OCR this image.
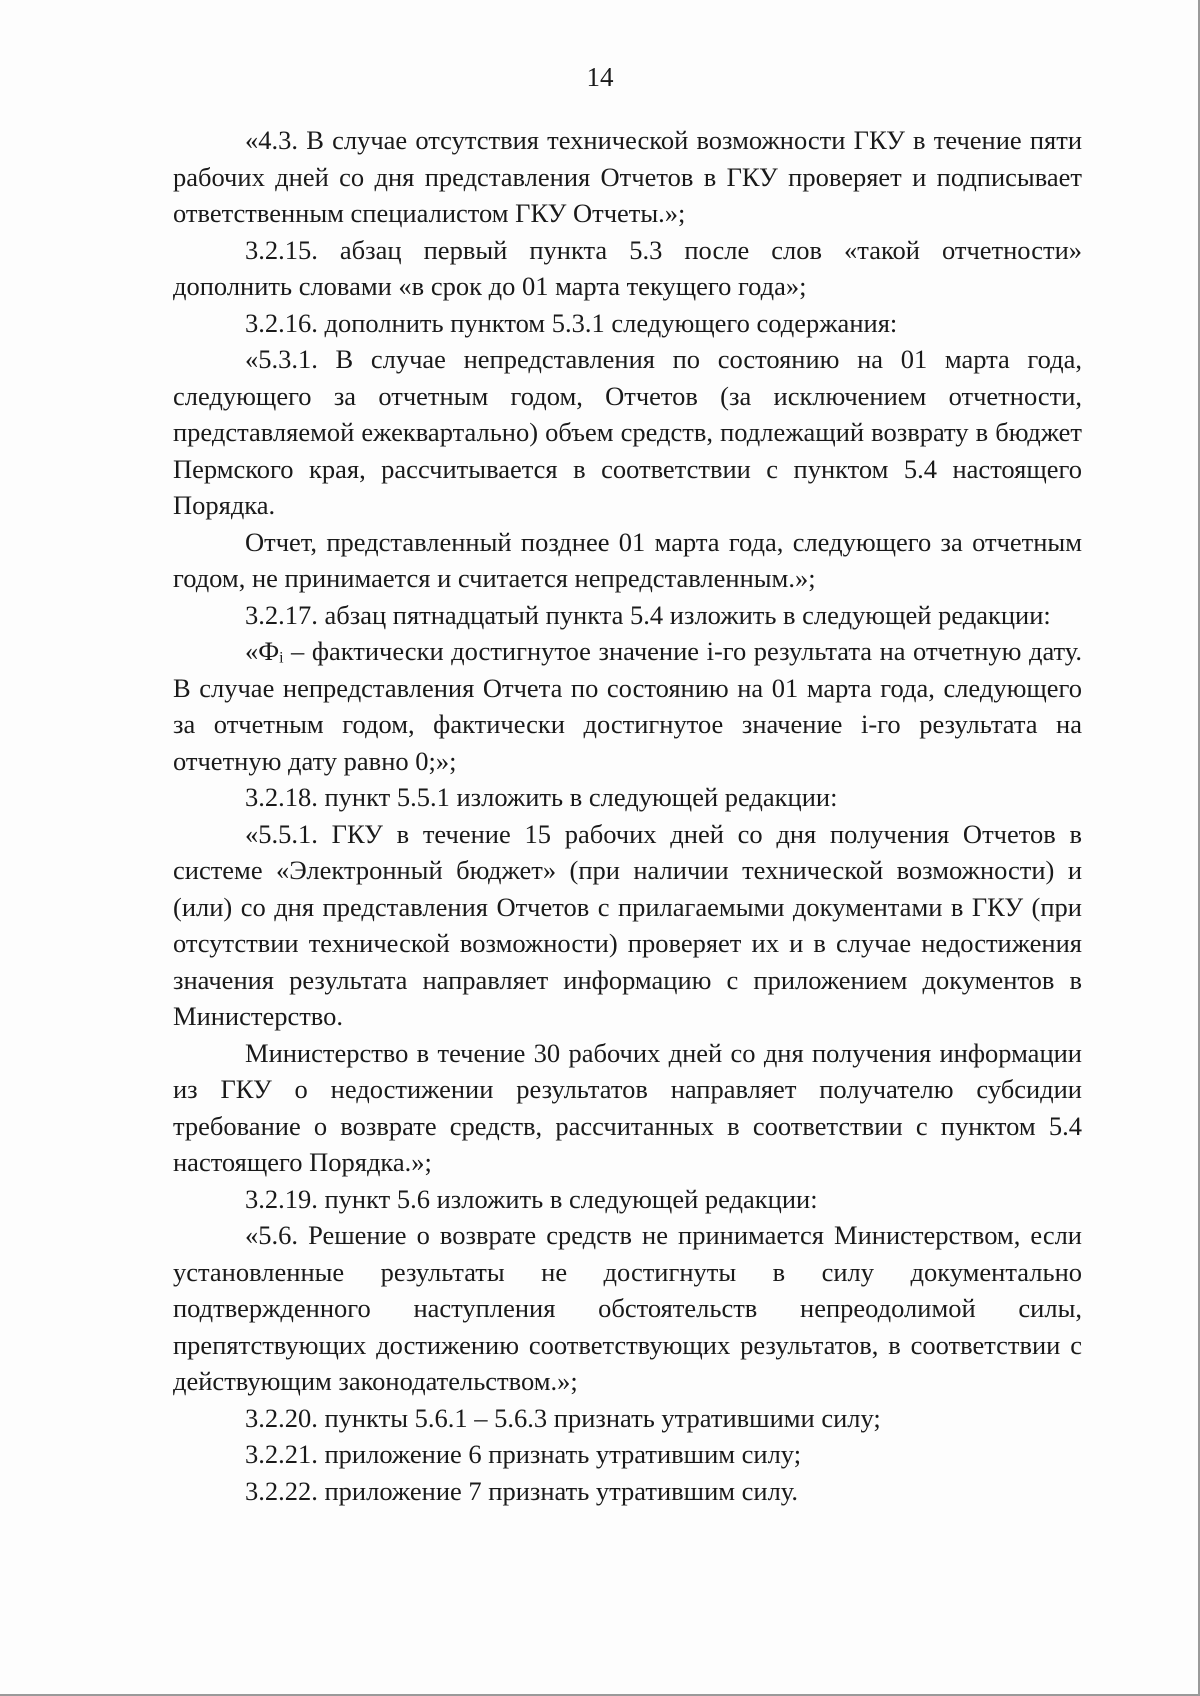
14

«4.3. В случае отсутствия технической возможности ГКУ в течение пяти рабочих дней со дня представления Отчетов в ГКУ проверяет и подписывает ответственным специалистом ГКУ Отчеты.»;

3.2.15. абзац первый пункта 5.3 после слов «такой отчетности» дополнить словами «в срок до 01 марта текущего года»;

3.2.16. дополнить пунктом 5.3.1 следующего содержания:

«5.3.1. В случае непредставления по состоянию на 01 марта года, следующего за отчетным годом, Отчетов (за исключением отчетности, представляемой ежеквартально) объем средств, подлежащий возврату в бюджет Пермского края, рассчитывается в соответствии с пунктом 5.4 настоящего Порядка.

Отчет, представленный позднее 01 марта года, следующего за отчетным годом, не принимается и считается непредставленным.»;

3.2.17. абзац пятнадцатый пункта 5.4 изложить в следующей редакции:

«Фᵢ – фактически достигнутое значение i-го результата на отчетную дату. В случае непредставления Отчета по состоянию на 01 марта года, следующего за отчетным годом, фактически достигнутое значение i-го результата на отчетную дату равно 0;»;

3.2.18. пункт 5.5.1 изложить в следующей редакции:

«5.5.1. ГКУ в течение 15 рабочих дней со дня получения Отчетов в системе «Электронный бюджет» (при наличии технической возможности) и (или) со дня представления Отчетов с прилагаемыми документами в ГКУ (при отсутствии технической возможности) проверяет их и в случае недостижения значения результата направляет информацию с приложением документов в Министерство.

Министерство в течение 30 рабочих дней со дня получения информации из ГКУ о недостижении результатов направляет получателю субсидии требование о возврате средств, рассчитанных в соответствии с пунктом 5.4 настоящего Порядка.»;

3.2.19. пункт 5.6 изложить в следующей редакции:

«5.6. Решение о возврате средств не принимается Министерством, если установленные результаты не достигнуты в силу документально подтвержденного наступления обстоятельств непреодолимой силы, препятствующих достижению соответствующих результатов, в соответствии с действующим законодательством.»;

3.2.20. пункты 5.6.1 – 5.6.3 признать утратившими силу;

3.2.21. приложение 6 признать утратившим силу;

3.2.22. приложение 7 признать утратившим силу.
